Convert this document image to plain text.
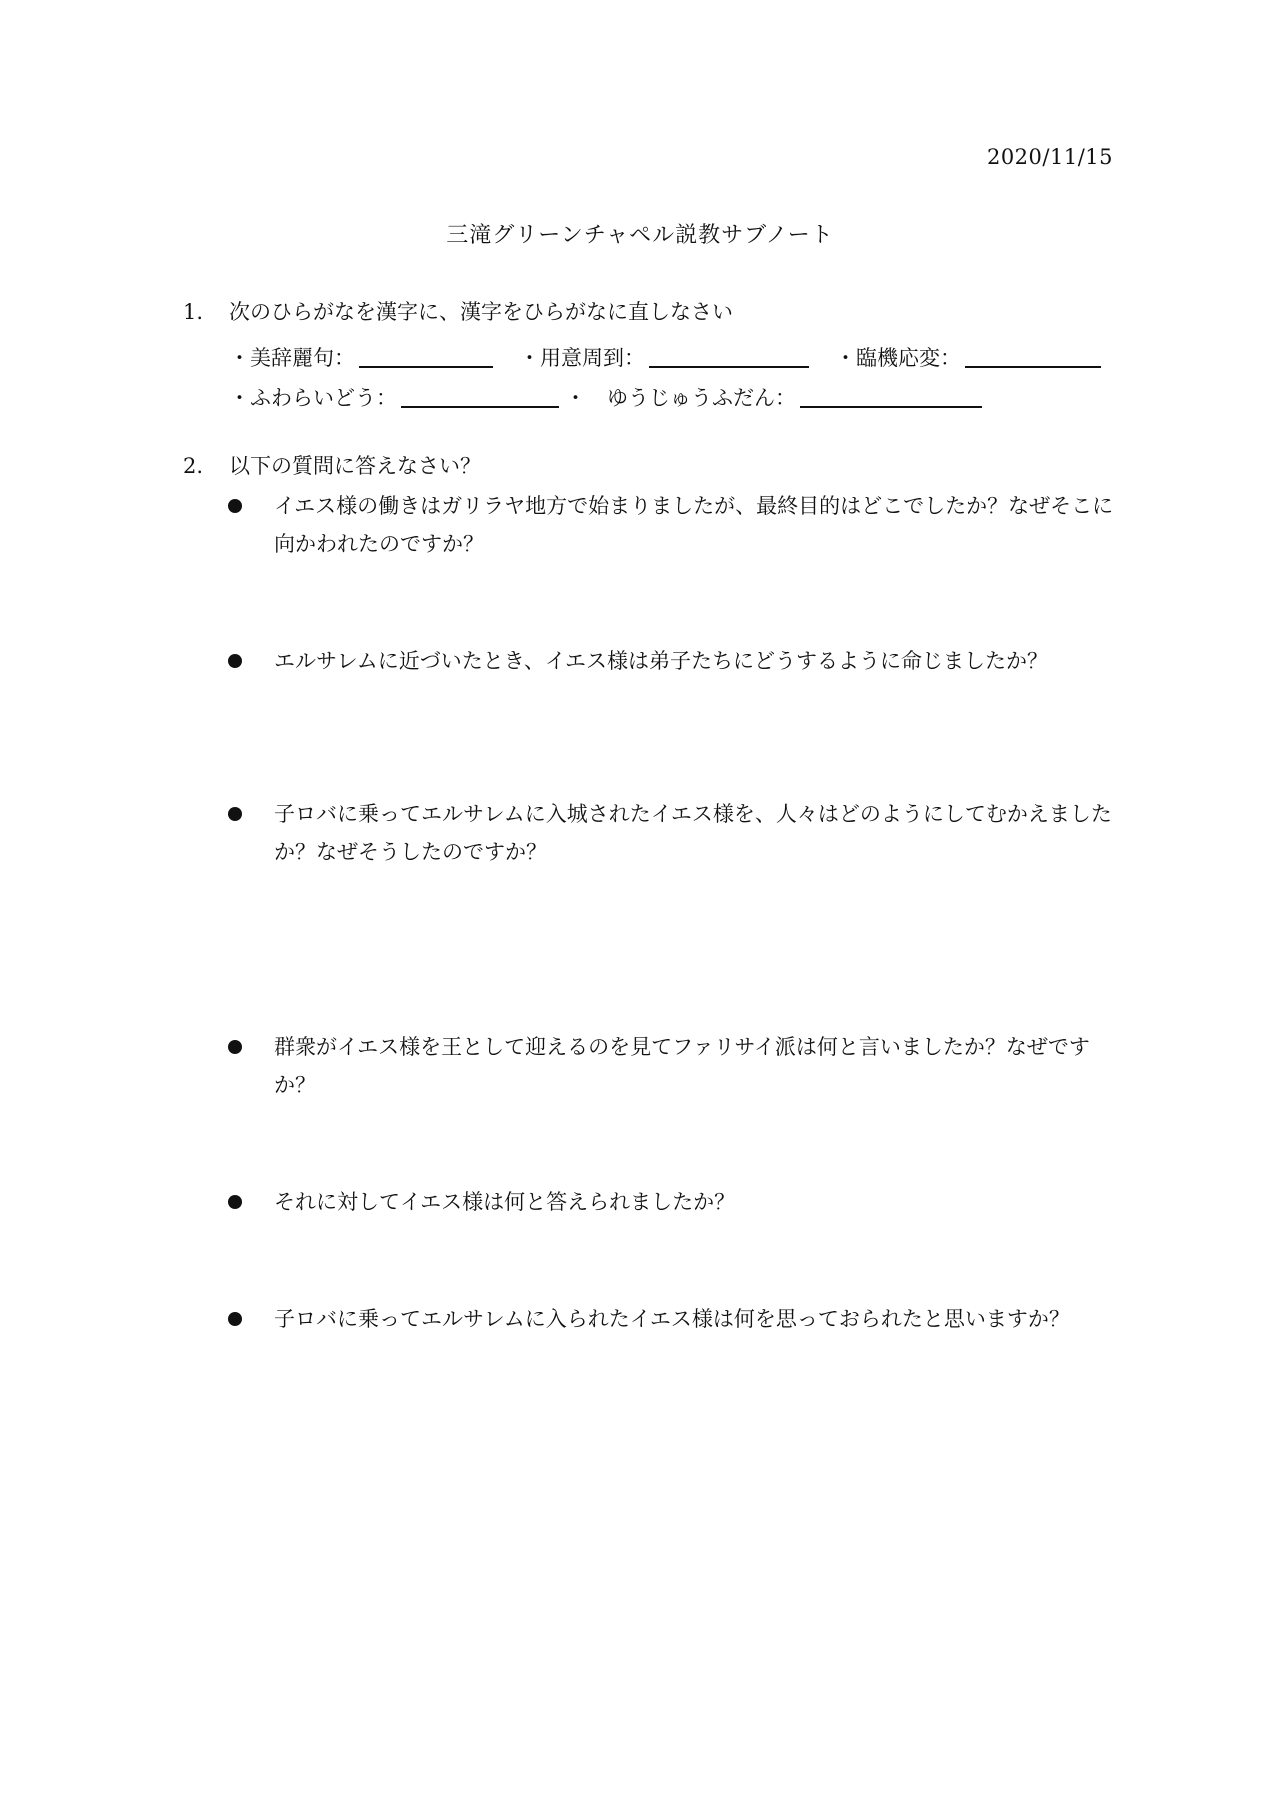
2020/11/15
三滝グリーンチャペル説教サブノート
1.	次のひらがなを漢字に、漢字をひらがなに直しなさい
・美辞麗句：	・用意周到：	・臨機応変：
・ふわらいどう：	・　ゆうじゅうふだん：
2.	以下の質問に答えなさい？
イエス様の働きはガリラヤ地方で始まりましたが、最終目的はどこでしたか？なぜそこに向かわれたのですか？
エルサレムに近づいたとき、イエス様は弟子たちにどうするように命じましたか？
子ロバに乗ってエルサレムに入城されたイエス様を、人々はどのようにしてむかえましたか？なぜそうしたのですか？
群衆がイエス様を王として迎えるのを見てファリサイ派は何と言いましたか？なぜですか？
それに対してイエス様は何と答えられましたか？
子ロバに乗ってエルサレムに入られたイエス様は何を思っておられたと思いますか？
